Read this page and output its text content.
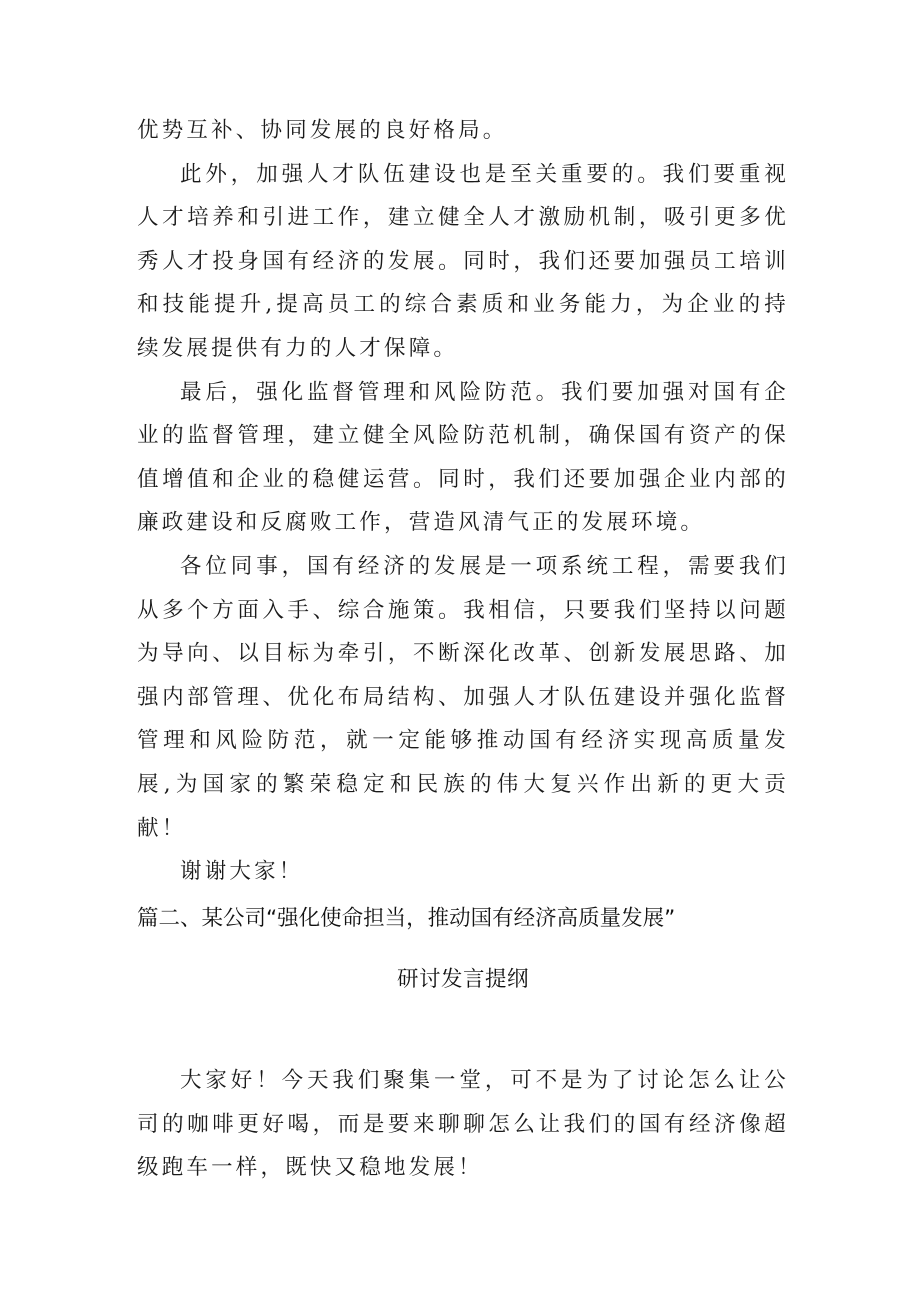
优势互补、协同发展的良好格局。

此外，加强人才队伍建设也是至关重要的。我们要重视人才培养和引进工作，建立健全人才激励机制，吸引更多优秀人才投身国有经济的发展。同时，我们还要加强员工培训和技能提升,提高员工的综合素质和业务能力，为企业的持续发展提供有力的人才保障。

最后，强化监督管理和风险防范。我们要加强对国有企业的监督管理，建立健全风险防范机制，确保国有资产的保值增值和企业的稳健运营。同时，我们还要加强企业内部的廉政建设和反腐败工作，营造风清气正的发展环境。

各位同事，国有经济的发展是一项系统工程，需要我们从多个方面入手、综合施策。我相信，只要我们坚持以问题为导向、以目标为牵引，不断深化改革、创新发展思路、加强内部管理、优化布局结构、加强人才队伍建设并强化监督管理和风险防范，就一定能够推动国有经济实现高质量发展,为国家的繁荣稳定和民族的伟大复兴作出新的更大贡献！

谢谢大家！

篇二、某公司“强化使命担当，推动国有经济高质量发展”
研讨发言提纲

大家好！今天我们聚集一堂，可不是为了讨论怎么让公司的咖啡更好喝，而是要来聊聊怎么让我们的国有经济像超级跑车一样，既快又稳地发展！
